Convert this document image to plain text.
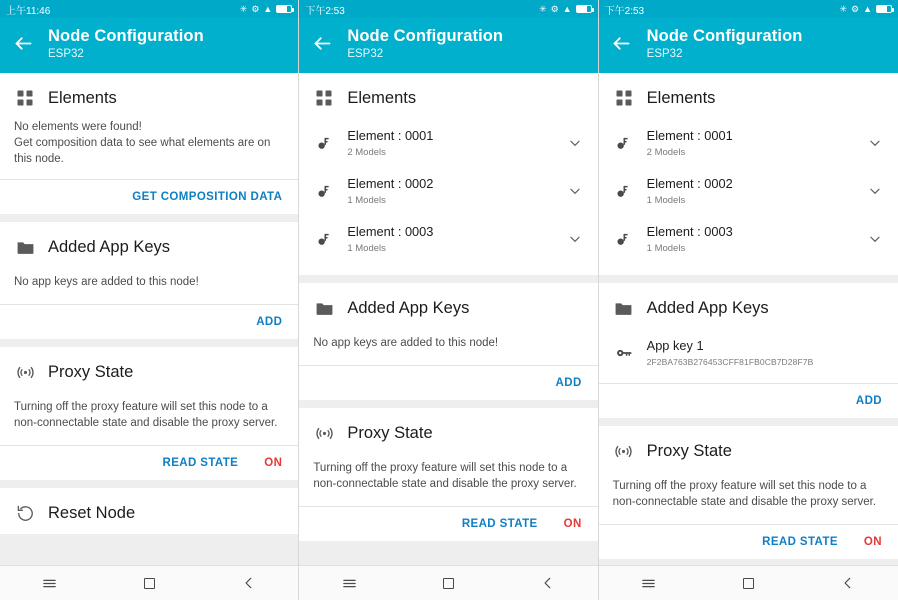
上午11:46	✳ ⚙ ▲
Node Configuration
ESP32
Elements
No elements were found!
Get composition data to see what elements are on this node.
GET COMPOSITION DATA
Added App Keys
No app keys are added to this node!
ADD
Proxy State
Turning off the proxy feature will set this node to a non-connectable state and disable the proxy server.
READ STATE ON
Reset Node
下午2:53	✳ ⚙ ▲
Node Configuration
ESP32
Elements
Element : 0001
2 Models
Element : 0002
1 Models
Element : 0003
1 Models
Added App Keys
No app keys are added to this node!
ADD
Proxy State
Turning off the proxy feature will set this node to a non-connectable state and disable the proxy server.
READ STATE ON
下午2:53	✳ ⚙ ▲
Node Configuration
ESP32
Elements
Element : 0001
2 Models
Element : 0002
1 Models
Element : 0003
1 Models
Added App Keys
App key 1
2F2BA763B276453CFF81FB0CB7D28F7B
ADD
Proxy State
Turning off the proxy feature will set this node to a non-connectable state and disable the proxy server.
READ STATE ON
